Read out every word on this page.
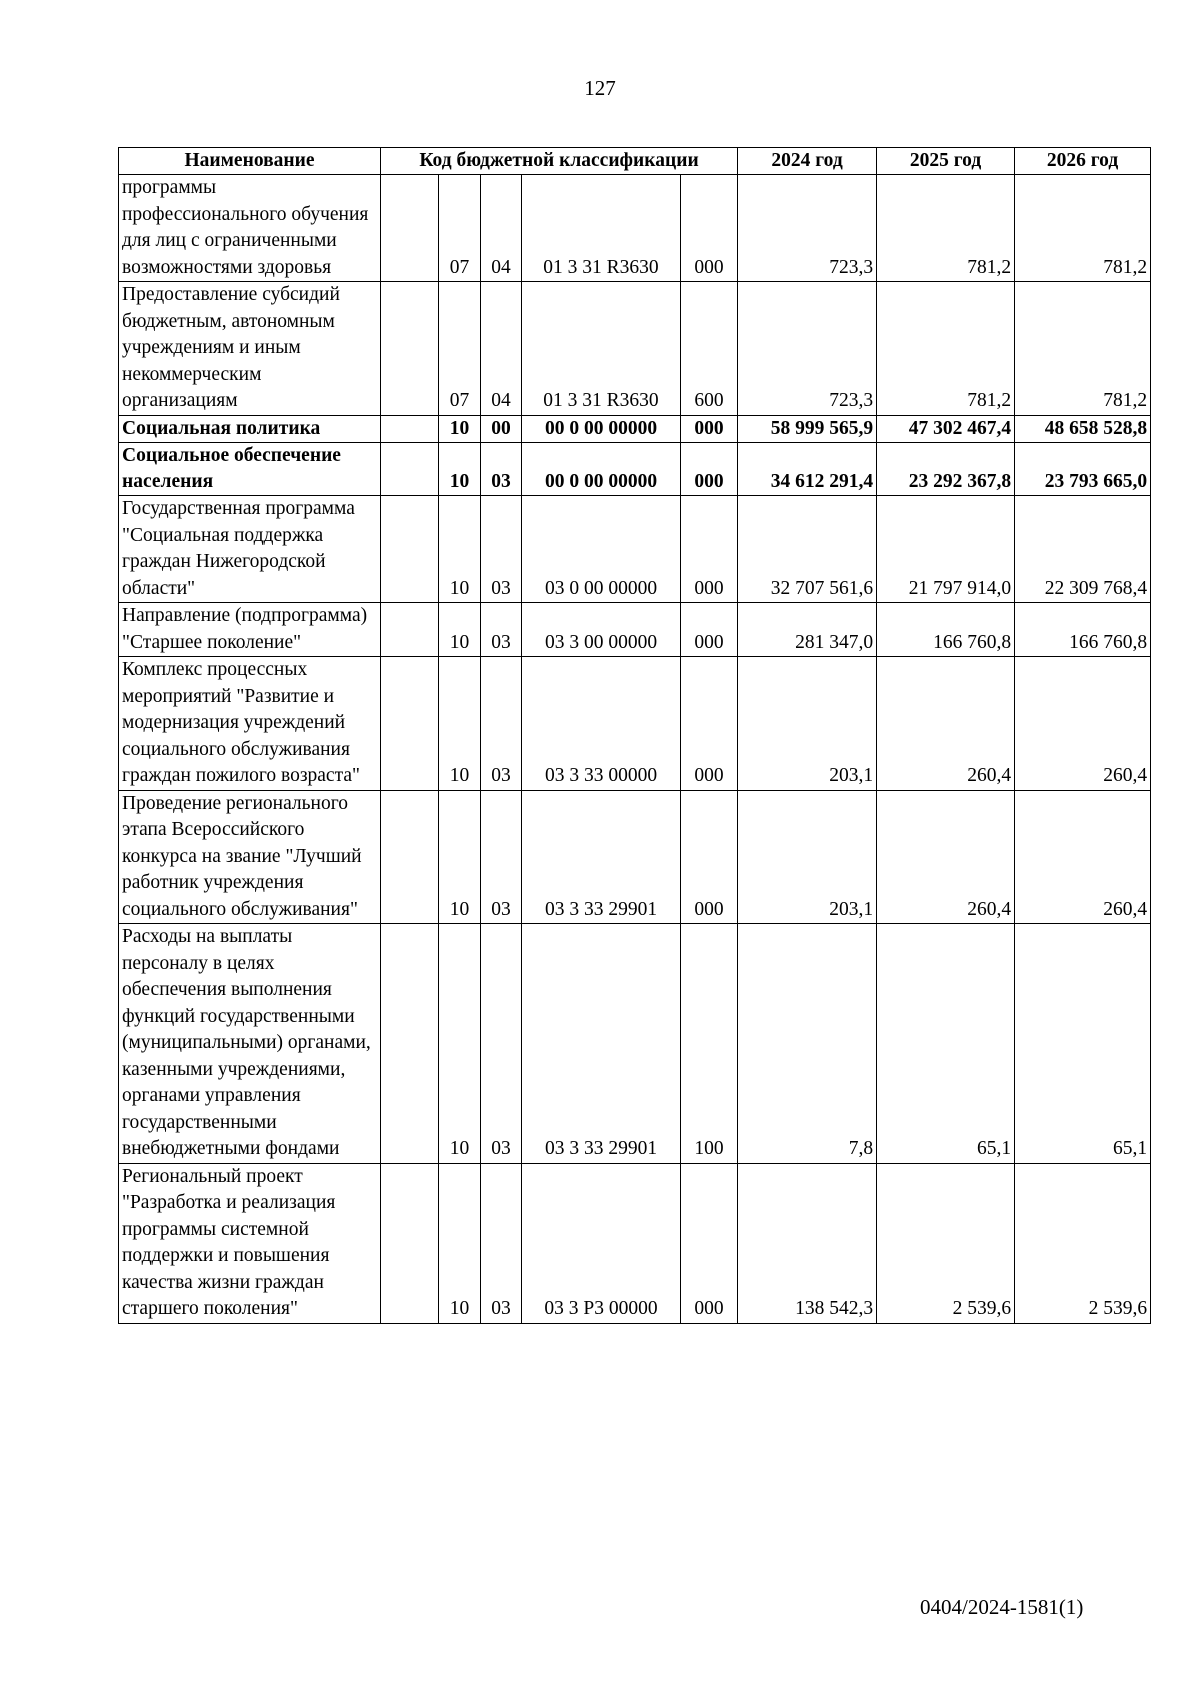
127
Наименование	Код бюджетной классификации					2024 год	2025 год	2026 год
программы профессионального обучения для лиц с ограниченными возможностями здоровья		07	04	01 3 31 R3630	000	723,3	781,2	781,2
Предоставление субсидий бюджетным, автономным учреждениям и иным некоммерческим организациям		07	04	01 3 31 R3630	600	723,3	781,2	781,2
Социальная политика		10	00	00 0 00 00000	000	58 999 565,9	47 302 467,4	48 658 528,8
Социальное обеспечение населения		10	03	00 0 00 00000	000	34 612 291,4	23 292 367,8	23 793 665,0
Государственная программа "Социальная поддержка граждан Нижегородской области"		10	03	03 0 00 00000	000	32 707 561,6	21 797 914,0	22 309 768,4
Направление (подпрограмма) "Старшее поколение"		10	03	03 3 00 00000	000	281 347,0	166 760,8	166 760,8
Комплекс процессных мероприятий "Развитие и модернизация учреждений социального обслуживания граждан пожилого возраста"		10	03	03 3 33 00000	000	203,1	260,4	260,4
Проведение регионального этапа Всероссийского конкурса на звание "Лучший работник учреждения социального обслуживания"		10	03	03 3 33 29901	000	203,1	260,4	260,4
Расходы на выплаты персоналу в целях обеспечения выполнения функций государственными (муниципальными) органами, казенными учреждениями, органами управления государственными внебюджетными фондами		10	03	03 3 33 29901	100	7,8	65,1	65,1
Региональный проект "Разработка и реализация программы системной поддержки и повышения качества жизни граждан старшего поколения"		10	03	03 3 P3 00000	000	138 542,3	2 539,6	2 539,6
0404/2024-1581(1)
